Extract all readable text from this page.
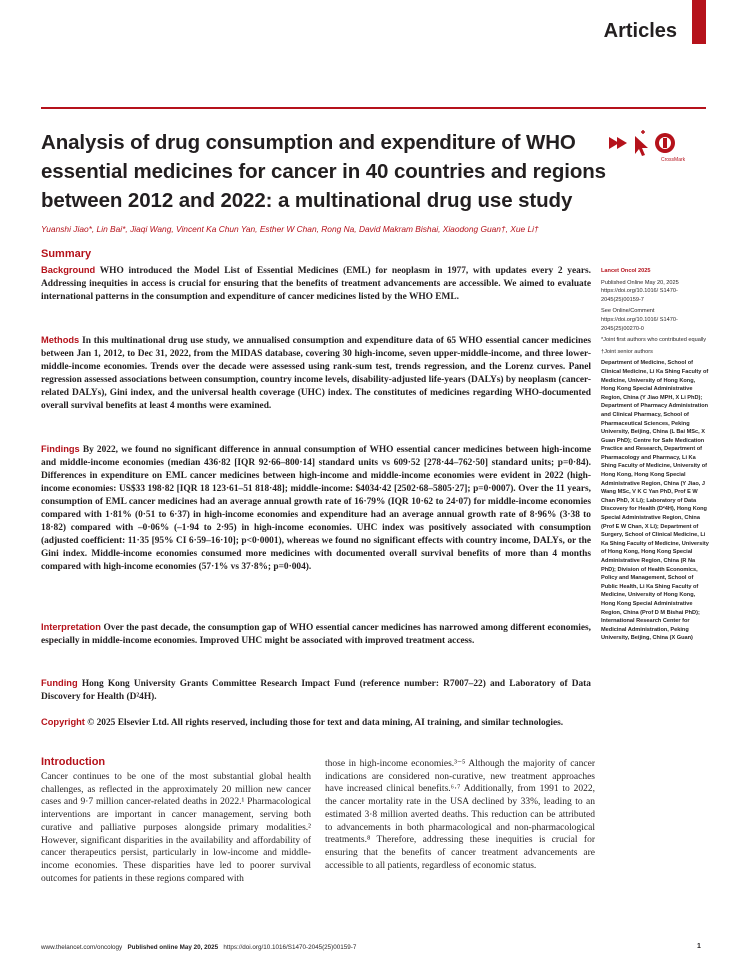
Articles
Analysis of drug consumption and expenditure of WHO essential medicines for cancer in 40 countries and regions between 2012 and 2022: a multinational drug use study
CrossMark
Yuanshi Jiao*, Lin Bai*, Jiaqi Wang, Vincent Ka Chun Yan, Esther W Chan, Rong Na, David Makram Bishai, Xiaodong Guan†, Xue Li†
Summary

Background WHO introduced the Model List of Essential Medicines (EML) for neoplasm in 1977, with updates every 2 years. Addressing inequities in access is crucial for ensuring that the benefits of treatment advancements are accessible. We aimed to evaluate international patterns in the consumption and expenditure of cancer medicines listed by the WHO EML.

Methods In this multinational drug use study, we annualised consumption and expenditure data of 65 WHO essential cancer medicines between Jan 1, 2012, to Dec 31, 2022, from the MIDAS database, covering 30 high-income, seven upper-middle-income, and three lower-middle-income economies. Trends over the decade were assessed using rank-sum test, trends regression, and the Lorenz curves. Panel regression assessed associations between consumption, country income levels, disability-adjusted life-years (DALYs) by neoplasm (cancer-related DALYs), Gini index, and the universal health coverage (UHC) index. The constitutes of medicines regarding WHO-documented overall survival benefits at least 4 months were examined.

Findings By 2022, we found no significant difference in annual consumption of WHO essential cancer medicines between high-income and middle-income economies (median 436·82 [IQR 92·66–800·14] standard units vs 609·52 [278·44–762·50] standard units; p=0·84). Differences in expenditure on EML cancer medicines between high-income and middle-income economies were evident in 2022 (high-income economies: US$33 198·82 [IQR 18 123·61–51 818·48]; middle-income: $4034·42 [2502·68–5805·27]; p=0·0007). Over the 11 years, consumption of EML cancer medicines had an average annual growth rate of 16·79% (IQR 10·62 to 24·07) for middle-income economies compared with 1·81% (0·51 to 6·37) in high-income economies and expenditure had an average annual growth rate of 8·96% (3·38 to 18·82) compared with –0·06% (–1·94 to 2·95) in high-income economies. UHC index was positively associated with consumption (adjusted coefficient: 11·35 [95% CI 6·59–16·10]; p<0·0001), whereas we found no significant effects with country income, DALYs, or the Gini index. Middle-income economies consumed more medicines with documented overall survival benefits of more than 4 months compared with high-income economies (57·1% vs 37·8%; p=0·004).

Interpretation Over the past decade, the consumption gap of WHO essential cancer medicines has narrowed among different economies, especially in middle-income economies. Improved UHC might be associated with improved treatment access.

Funding Hong Kong University Grants Committee Research Impact Fund (reference number: R7007–22) and Laboratory of Data Discovery for Health (D²4H).

Copyright © 2025 Elsevier Ltd. All rights reserved, including those for text and data mining, AI training, and similar technologies.

Lancet Oncol 2025

Published Online May 20, 2025 https://doi.org/10.1016/ S1470-2045(25)00159-7

See Online/Comment https://doi.org/10.1016/ S1470-2045(25)00270-0

*Joint first authors who contributed equally

†Joint senior authors

Department of Medicine, School of Clinical Medicine, Li Ka Shing Faculty of Medicine, University of Hong Kong, Hong Kong Special Administrative Region, China (Y Jiao MPH, X Li PhD); Department of Pharmacy Administration and Clinical Pharmacy, School of Pharmaceutical Sciences, Peking University, Beijing, China (L Bai MSc, X Guan PhD); Centre for Safe Medication Practice and Research, Department of Pharmacology and Pharmacy, Li Ka Shing Faculty of Medicine, University of Hong Kong, Hong Kong Special Administrative Region, China (Y Jiao, J Wang MSc, V K C Yan PhD, Prof E W Chan PhD, X Li); Laboratory of Data Discovery for Health (D²4H), Hong Kong Special Administrative Region, China (Prof E W Chan, X Li); Department of Surgery, School of Clinical Medicine, Li Ka Shing Faculty of Medicine, University of Hong Kong, Hong Kong Special Administrative Region, China (R Na PhD); Division of Health Economics, Policy and Management, School of Public Health, Li Ka Shing Faculty of Medicine, University of Hong Kong, Hong Kong Special Administrative Region, China (Prof D M Bishai PhD); International Research Center for Medicinal Administration, Peking University, Beijing, China (X Guan)

Introduction

Cancer continues to be one of the most substantial global health challenges, as reflected in the approximately 20 million new cancer cases and 9·7 million cancer-related deaths in 2022.¹ Pharmacological interventions are important in cancer management, serving both curative and palliative purposes alongside primary modalities.² However, significant disparities in the availability and affordability of cancer therapeutics persist, particularly in low-income and middle-income economies. These disparities have led to poorer survival outcomes for patients in these regions compared with

those in high-income economies.³⁻⁵ Although the majority of cancer indications are considered non-curative, new treatment approaches have increased clinical benefits.⁶·⁷ Additionally, from 1991 to 2022, the cancer mortality rate in the USA declined by 33%, leading to an estimated 3·8 million averted deaths. This reduction can be attributed to advancements in both pharmacological and non-pharmacological treatments.⁸ Therefore, addressing these inequities is crucial for ensuring that the benefits of cancer treatment advancements are accessible to all patients, regardless of economic status.

www.thelancet.com/oncology Published online May 20, 2025 https://doi.org/10.1016/S1470-2045(25)00159-7	1
